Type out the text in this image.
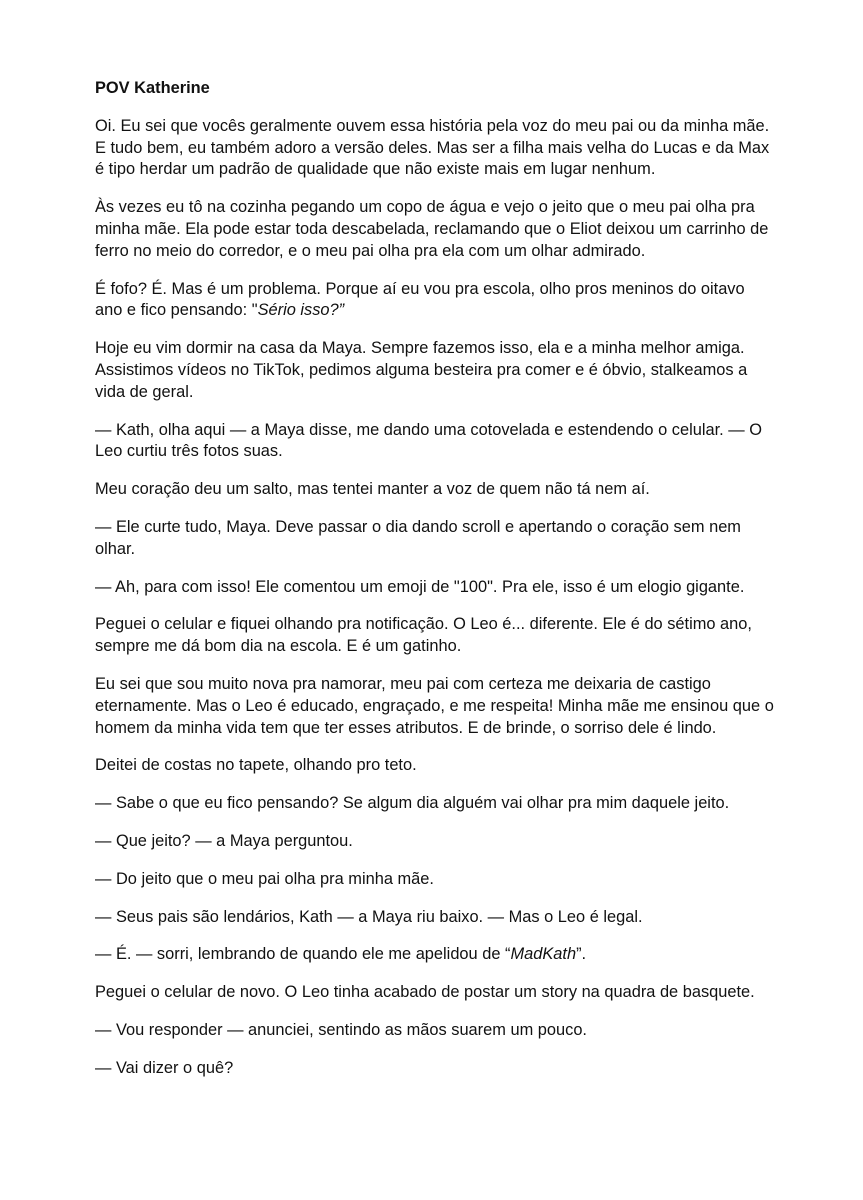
POV Katherine

Oi. Eu sei que vocês geralmente ouvem essa história pela voz do meu pai ou da minha mãe. E tudo bem, eu também adoro a versão deles. Mas ser a filha mais velha do Lucas e da Max é tipo herdar um padrão de qualidade que não existe mais em lugar nenhum.

Às vezes eu tô na cozinha pegando um copo de água e vejo o jeito que o meu pai olha pra minha mãe. Ela pode estar toda descabelada, reclamando que o Eliot deixou um carrinho de ferro no meio do corredor, e o meu pai olha pra ela com um olhar admirado.

É fofo? É. Mas é um problema. Porque aí eu vou pra escola, olho pros meninos do oitavo ano e fico pensando: "Sério isso?”

Hoje eu vim dormir na casa da Maya. Sempre fazemos isso, ela e a minha melhor amiga. Assistimos vídeos no TikTok, pedimos alguma besteira pra comer e é óbvio, stalkeamos a vida de geral.

— Kath, olha aqui — a Maya disse, me dando uma cotovelada e estendendo o celular. — O Leo curtiu três fotos suas.

Meu coração deu um salto, mas tentei manter a voz de quem não tá nem aí.

— Ele curte tudo, Maya. Deve passar o dia dando scroll e apertando o coração sem nem olhar.

— Ah, para com isso! Ele comentou um emoji de "100". Pra ele, isso é um elogio gigante.

Peguei o celular e fiquei olhando pra notificação. O Leo é... diferente. Ele é do sétimo ano, sempre me dá bom dia na escola. E é um gatinho.

Eu sei que sou muito nova pra namorar, meu pai com certeza me deixaria de castigo eternamente. Mas o Leo é educado, engraçado, e me respeita! Minha mãe me ensinou que o homem da minha vida tem que ter esses atributos. E de brinde, o sorriso dele é lindo.

Deitei de costas no tapete, olhando pro teto.

— Sabe o que eu fico pensando? Se algum dia alguém vai olhar pra mim daquele jeito.

— Que jeito? — a Maya perguntou.

— Do jeito que o meu pai olha pra minha mãe.

— Seus pais são lendários, Kath — a Maya riu baixo. — Mas o Leo é legal.

— É. — sorri, lembrando de quando ele me apelidou de “MadKath”.

Peguei o celular de novo. O Leo tinha acabado de postar um story na quadra de basquete.

— Vou responder — anunciei, sentindo as mãos suarem um pouco.

— Vai dizer o quê?
